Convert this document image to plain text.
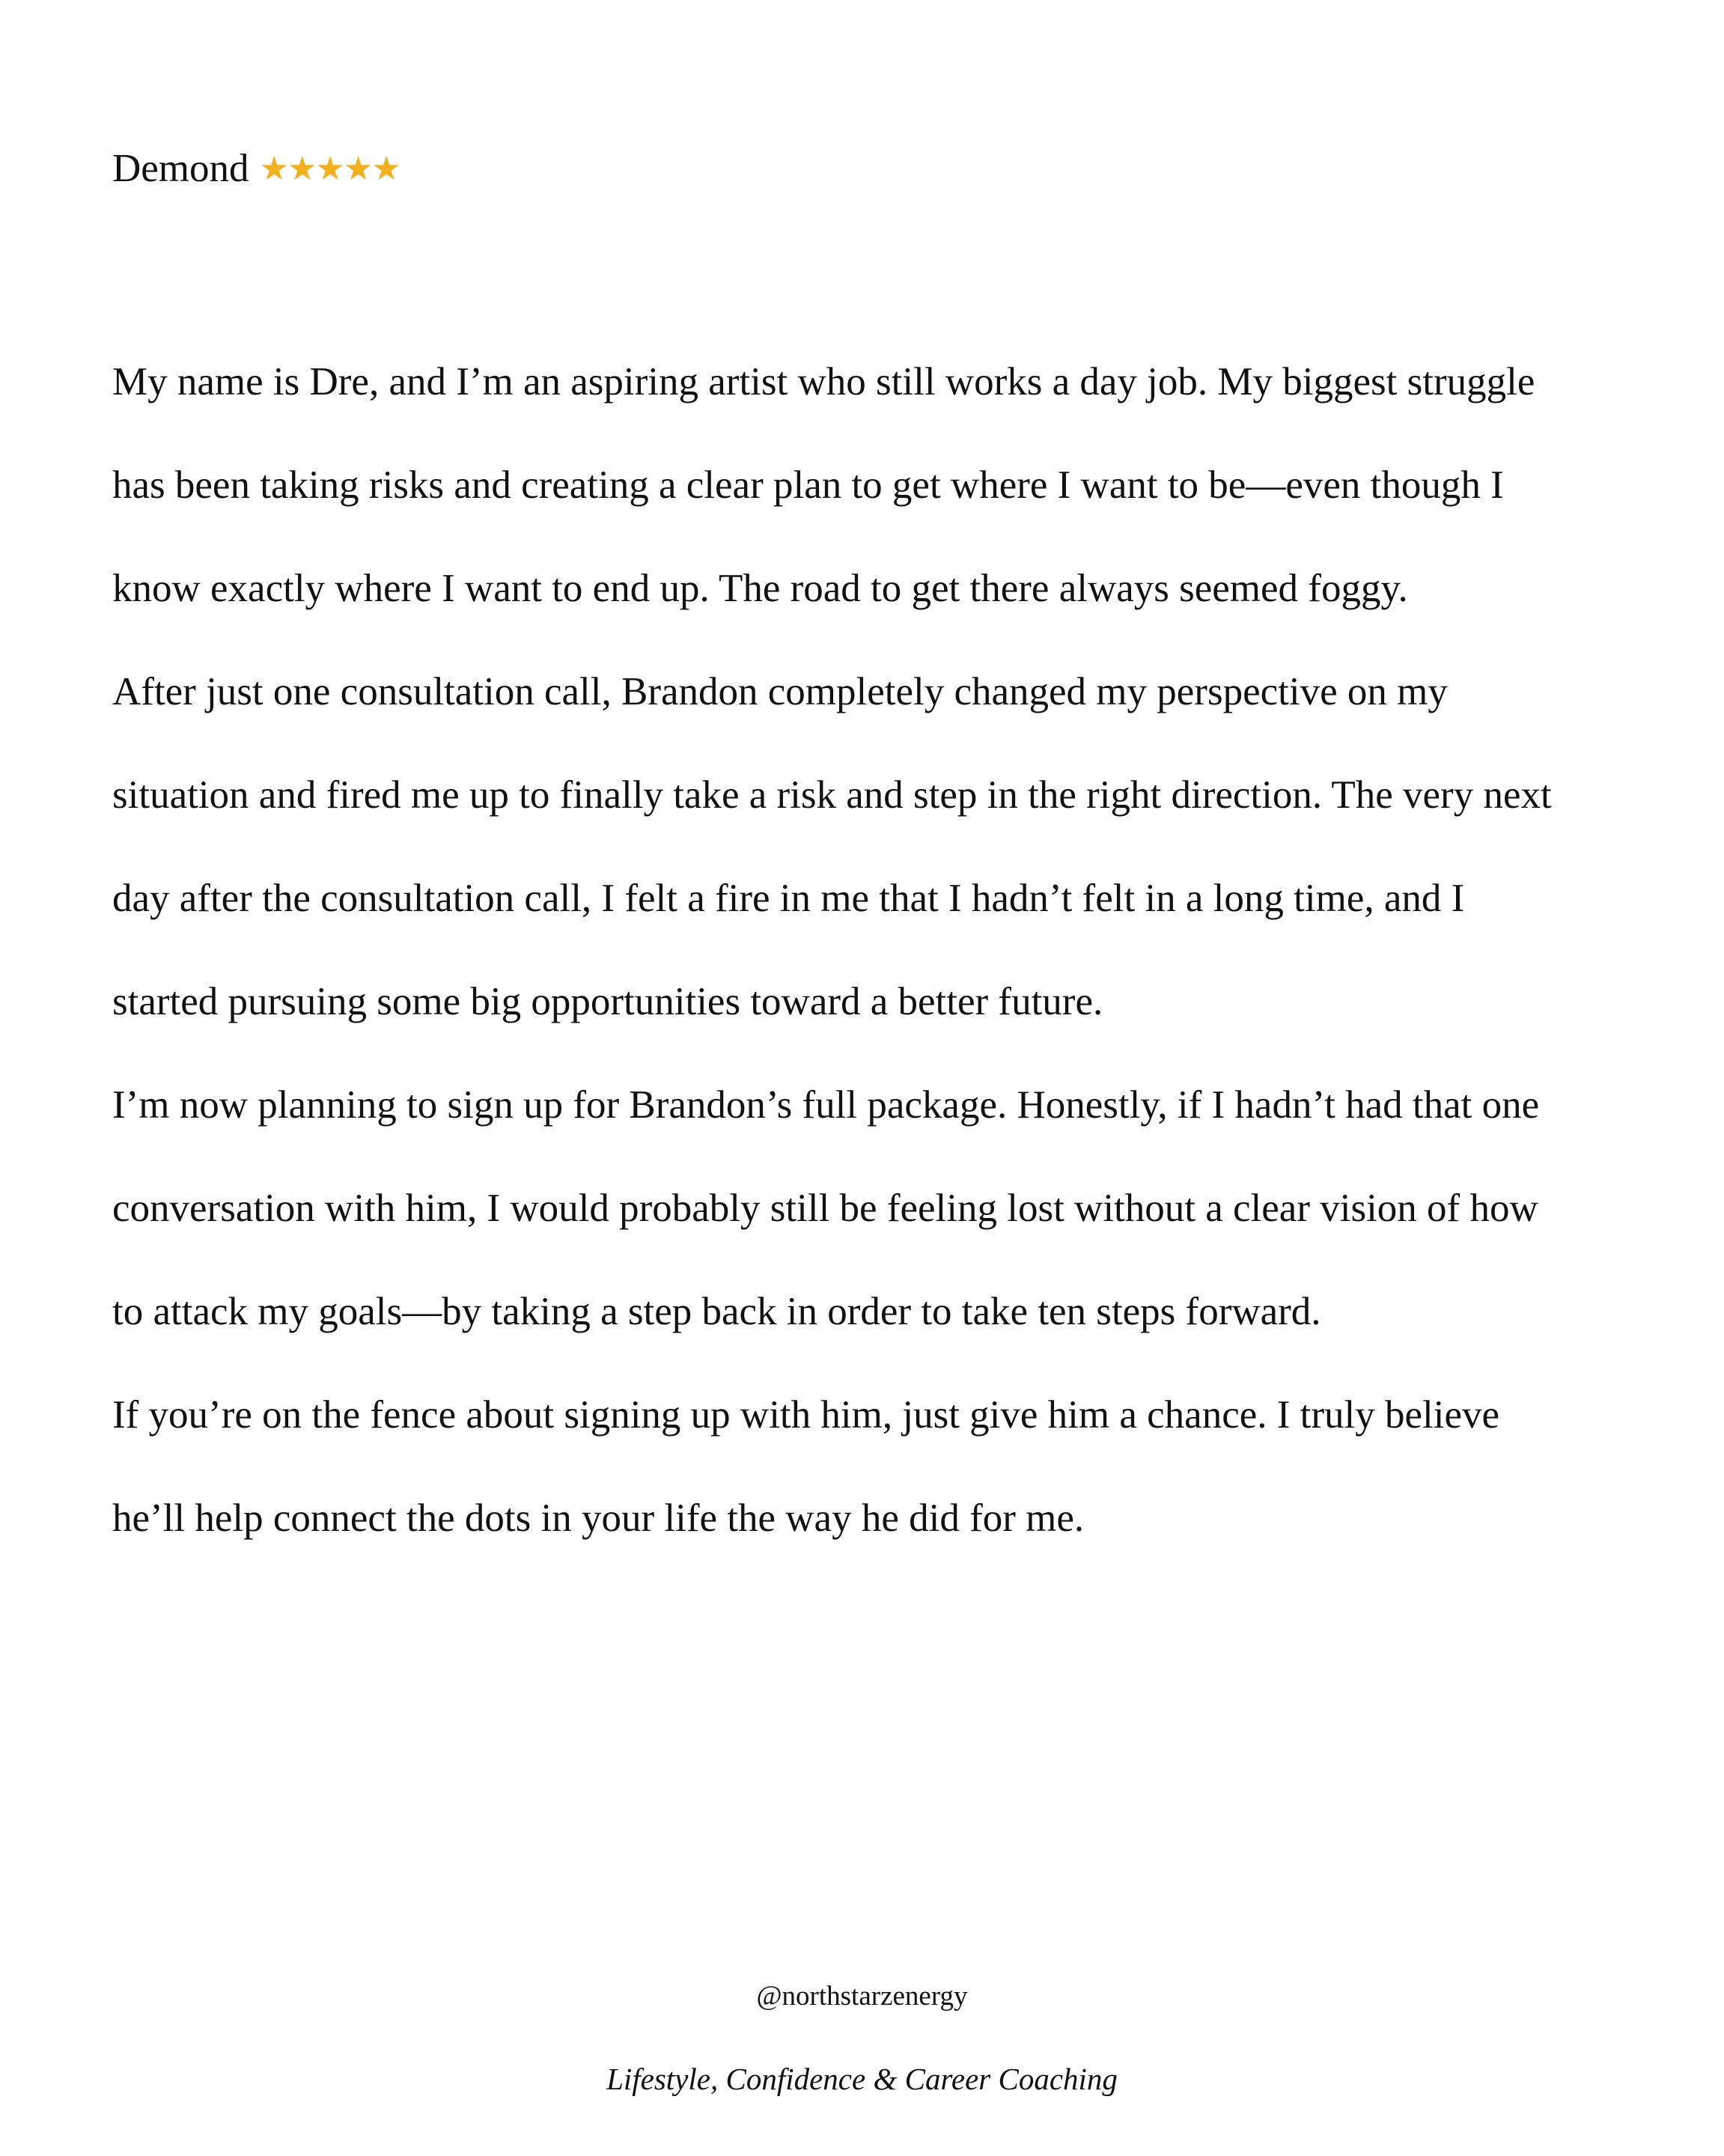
Demond ★★★★★
My name is Dre, and I’m an aspiring artist who still works a day job. My biggest struggle
has been taking risks and creating a clear plan to get where I want to be—even though I
know exactly where I want to end up. The road to get there always seemed foggy.
After just one consultation call, Brandon completely changed my perspective on my
situation and fired me up to finally take a risk and step in the right direction. The very next
day after the consultation call, I felt a fire in me that I hadn’t felt in a long time, and I
started pursuing some big opportunities toward a better future.
I’m now planning to sign up for Brandon’s full package. Honestly, if I hadn’t had that one
conversation with him, I would probably still be feeling lost without a clear vision of how
to attack my goals—by taking a step back in order to take ten steps forward.
If you’re on the fence about signing up with him, just give him a chance. I truly believe
he’ll help connect the dots in your life the way he did for me.
@northstarzenergy
Lifestyle, Confidence & Career Coaching
